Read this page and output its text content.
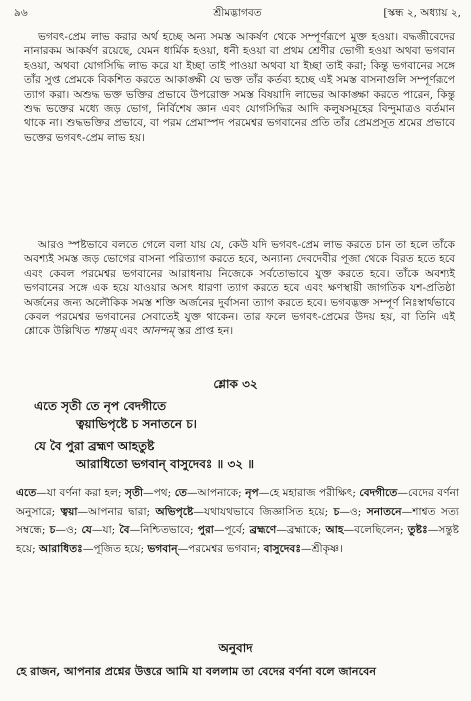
৯৬	শ্রীমদ্ভাগবত	[স্কন্ধ ২, অধ্যায় ২,

ভগবৎ-প্রেম লাভ করার অর্থ হচ্ছে অন্য সমস্ত আকর্ষণ থেকে সম্পূর্ণরূপে মুক্ত হওয়া। বদ্ধজীবেদের নানারকম আকর্ষণ রয়েছে, যেমন ধার্মিক হওয়া, ধনী হওয়া বা প্রথম শ্রেণীর ভোগী হওয়া অথবা ভগবান হওয়া, অথবা যোগসিদ্ধি লাভ করে যা ইচ্ছা তাই পাওয়া অথবা যা ইচ্ছা তাই করা; কিন্তু ভগবানের সঙ্গে তাঁর সুপ্ত প্রেমকে বিকশিত করতে আকাঙ্ক্ষী যে ভক্ত তাঁর কর্তব্য হচ্ছে এই সমস্ত বাসনাগুলি সম্পূর্ণরূপে ত্যাগ করা। অশুদ্ধ ভক্ত ভক্তির প্রভাবে উপরোক্ত সমস্ত বিষয়াদি লাভের আকাঙ্ক্ষা করতে পারেন, কিন্তু শুদ্ধ ভক্তের মধ্যে জড় ভোগ, নির্বিশেষ জ্ঞান এবং যোগসিদ্ধির আদি কলুষসমূহের বিন্দুমাত্রও বর্তমান থাকে না। শুদ্ধভক্তির প্রভাবে, বা পরম প্রেমাস্পদ পরমেশ্বর ভগবানের প্রতি তাঁর প্রেমপ্রসূত শ্রমের প্রভাবে ভক্তের ভগবৎ-প্রেম লাভ হয়।

আরও স্পষ্টভাবে বলতে গেলে বলা যায় যে, কেউ যদি ভগবৎ-প্রেম লাভ করতে চান তা হলে তাঁকে অবশ্যই সমস্ত জড় ভোগের বাসনা পরিত্যাগ করতে হবে, অন্যান্য দেবদেবীর পূজা থেকে বিরত হতে হবে এবং কেবল পরমেশ্বর ভগবানের আরাধনায় নিজেকে সর্বতোভাবে যুক্ত করতে হবে। তাঁকে অবশ্যই ভগবানের সঙ্গে এক হয়ে যাওয়ার অসৎ ধারণা ত্যাগ করতে হবে এবং ক্ষণস্থায়ী জাগতিক যশ-প্রতিষ্ঠা অর্জনের জন্য অলৌকিক সমস্ত শক্তি অর্জনের দুর্বাসনা ত্যাগ করতে হবে। ভগবদ্ভক্ত সম্পূর্ণ নিঃস্বার্থভাবে কেবল পরমেশ্বর ভগবানের সেবাতেই যুক্ত থাকেন। তার ফলে ভগবৎ-প্রেমের উদয় হয়, বা তিনি এই শ্লোকে উল্লিখিত শান্তম্ এবং আনন্দম্ স্তর প্রাপ্ত হন।

শ্লোক ৩২
এতে সৃতী তে নৃপ বেদগীতে
ত্বয়াভিপৃষ্টে চ সনাতনে চ।
যে বৈ পুরা ব্রহ্মণ আহতুষ্ট
আরাধিতো ভগবান্ বাসুদেবঃ ॥ ৩২ ॥

এতে—যা বর্ণনা করা হল; সৃতী—পথ; তে—আপনাকে; নৃপ—হে মহারাজ পরীক্ষিৎ; বেদগীতে—বেদের বর্ণনা অনুসারে; ত্বয়া—আপনার দ্বারা; অভিপৃষ্টে—যথাযথভাবে জিজ্ঞাসিত হয়ে; চ—ও; সনাতনে—শাশ্বত সত্য সম্বন্ধে; চ—ও; যে—যা; বৈ—নিশ্চিতভাবে; পুরা—পূর্বে; ব্রহ্মণে—ব্রহ্মাকে; আহ—বলেছিলেন; তুষ্টঃ—সন্তুষ্ট হয়ে; আরাধিতঃ—পূজিত হয়ে; ভগবান্—পরমেশ্বর ভগবান; বাসুদেবঃ—শ্রীকৃষ্ণ।

অনুবাদ

হে রাজন, আপনার প্রশ্নের উত্তরে আমি যা বললাম তা বেদের বর্ণনা বলে জানবেন
